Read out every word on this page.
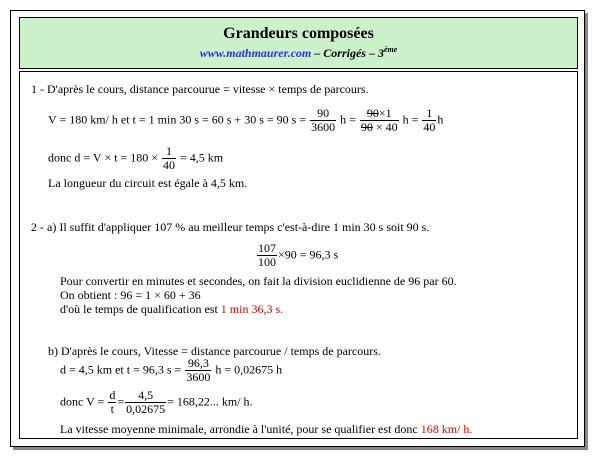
Grandeurs composées
www.mathmaurer.com – Corrigés – 3ème
1 - D'après le cours, distance parcourue = vitesse × temps de parcours.
V = 180 km/ h et t = 1 min 30 s = 60 s + 30 s = 90 $s = \frac{90}{3600}$ $h = \frac{90\times 1}{90 \times 40}$ $h = \frac{1}{40}$ h
donc $d = V \times t = 180 \times \frac{1}{40} = 4,5$ km
La longueur du circuit est égale à 4,5 km.
2 - a) Il suffit d'appliquer 107 % au meilleur temps c'est-à-dire 1 min 30 s soit 90 s.
$\frac{107}{100} \times 90 = 96,3$ s
Pour convertir en minutes et secondes, on fait la division euclidienne de 96 par 60.
On obtient : 96 = 1 × 60 + 36
d'où le temps de qualification est 1 min 36,3 s.
b) D'après le cours, Vitesse = distance parcourue / temps de parcours.
d = 4,5 km et t = 96,3 $s = \frac{96,3}{3600}$ h = 0,02675 h
donc $V = \frac{d}{t} = \frac{4,5}{0,02675} = 168,22$... km/ h.
La vitesse moyenne minimale, arrondie à l'unité, pour se qualifier est donc 168 km/ h.
